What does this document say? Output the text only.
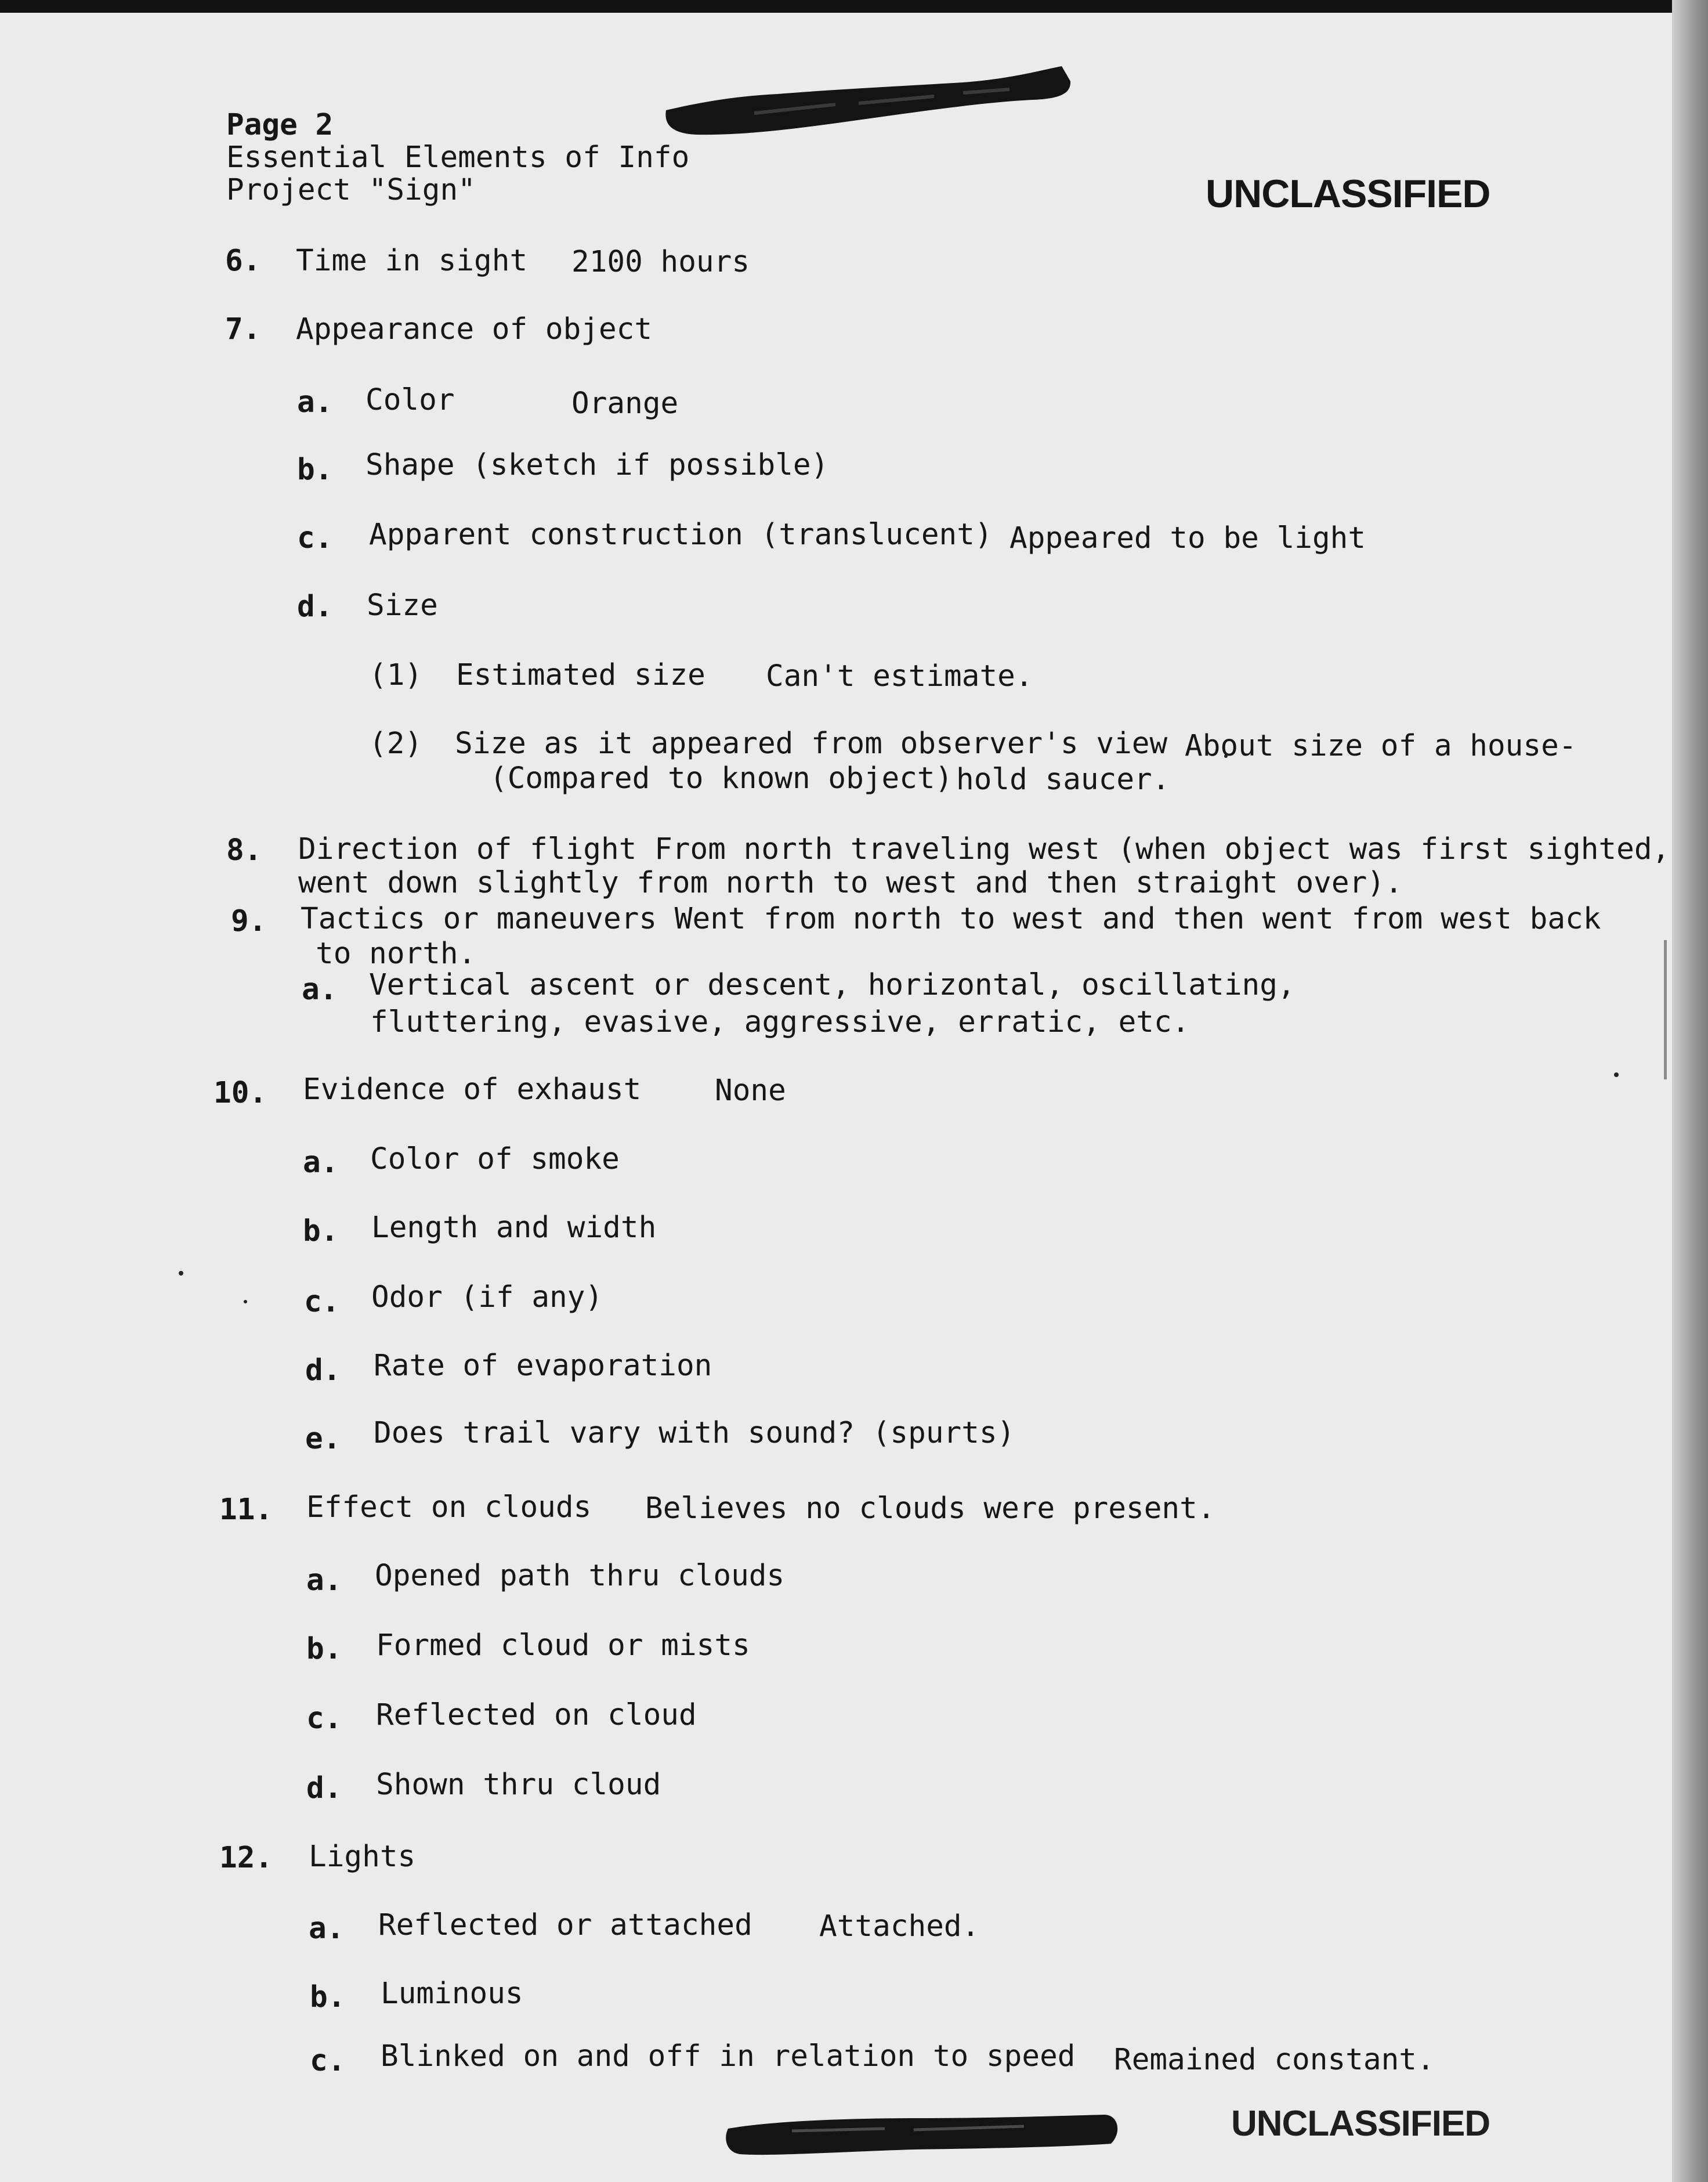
Page 2
Essential Elements of Info
Project "Sign"	UNCLASSIFIED
6. Time in sight 2100 hours
7. Appearance of object
a. Color	Orange
b. Shape (sketch if possible)
c. Apparent construction (translucent) Appeared to be light
d. Size
(1) Estimated size Can't estimate.
(2) Size as it appeared from observer's view About size of a house-
(Compared to known object) hold saucer.
8. Direction of flight From north traveling west (when object was first sighted,
went down slightly from north to west and then straight over).
9. Tactics or maneuvers Went from north to west and then went from west back
to north.
a. Vertical ascent or descent, horizontal, oscillating,
fluttering, evasive, aggressive, erratic, etc.
10. Evidence of exhaust None
a. Color of smoke
b. Length and width
c. Odor (if any)
d. Rate of evaporation
e. Does trail vary with sound? (spurts)
11. Effect on clouds Believes no clouds were present.
a. Opened path thru clouds
b. Formed cloud or mists
c. Reflected on cloud
d. Shown thru cloud
12. Lights
a. Reflected or attached Attached.
b. Luminous
c. Blinked on and off in relation to speed Remained constant.
UNCLASSIFIED
